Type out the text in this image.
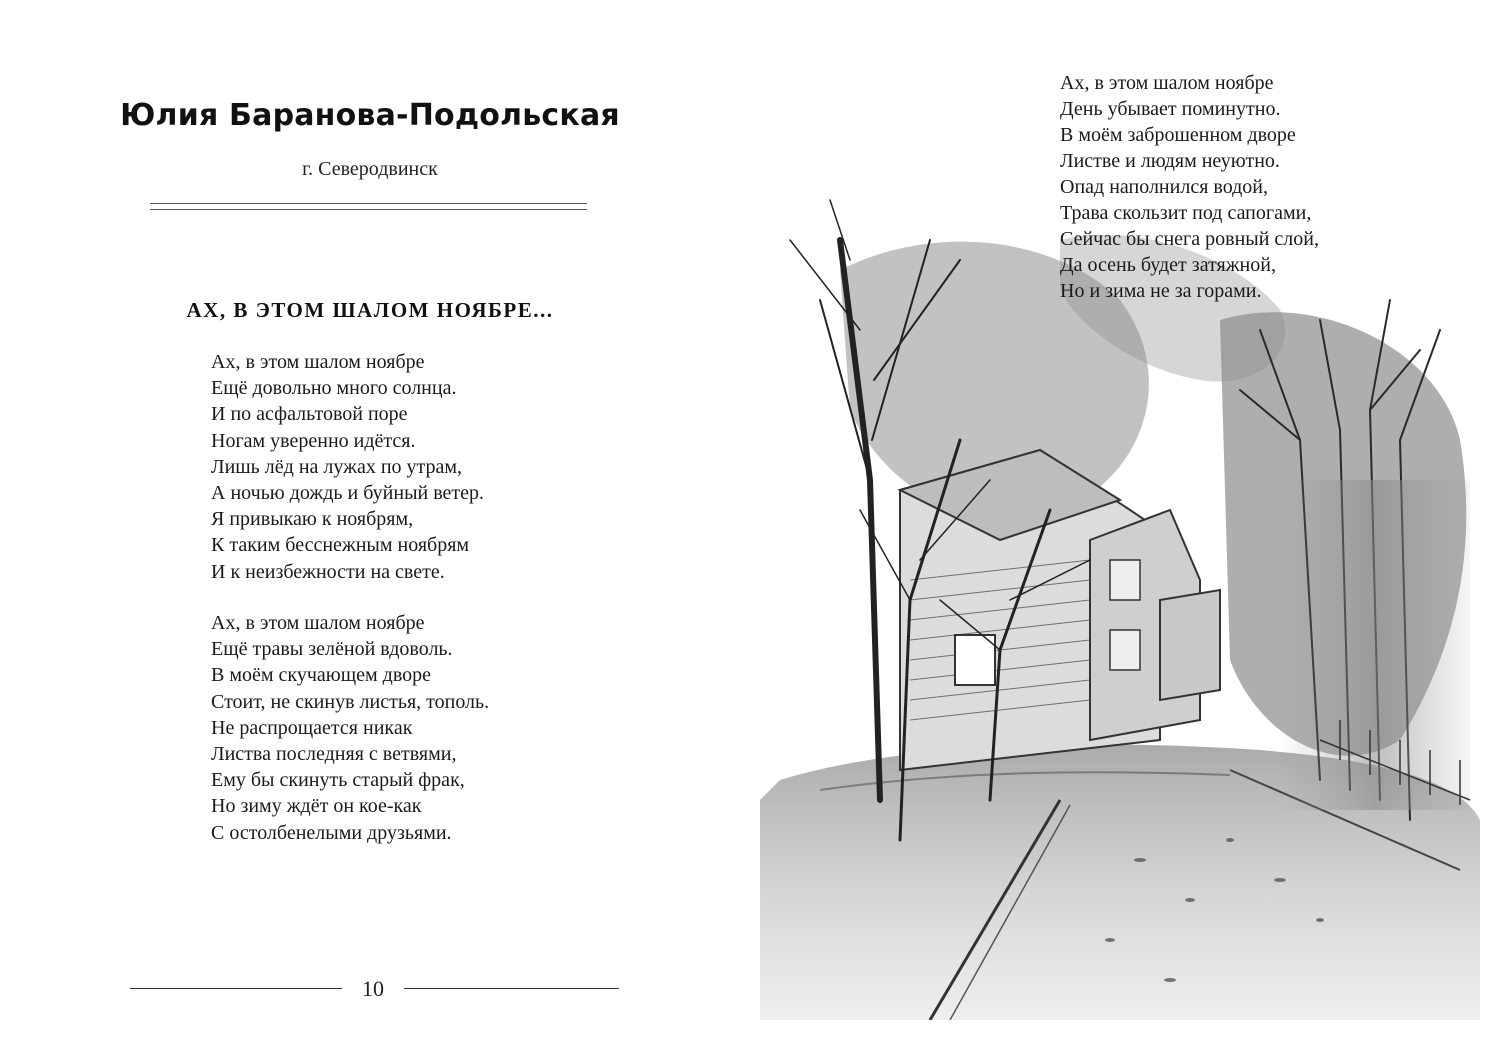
Юлия Баранова-Подольская
г. Северодвинск
АХ, В ЭТОМ ШАЛОМ НОЯБРЕ...
Ах, в этом шалом ноябре
Ещё довольно много солнца.
И по асфальтовой поре
Ногам уверенно идётся.
Лишь лёд на лужах по утрам,
А ночью дождь и буйный ветер.
Я привыкаю к ноябрям,
К таким бесснежным ноябрям
И к неизбежности на свете.
Ах, в этом шалом ноябре
Ещё травы зелёной вдоволь.
В моём скучающем дворе
Стоит, не скинув листья, тополь.
Не распрощается никак
Листва последняя с ветвями,
Ему бы скинуть старый фрак,
Но зиму ждёт он кое-как
С остолбенелыми друзьями.
10
Ах, в этом шалом ноябре
День убывает поминутно.
В моём заброшенном дворе
Листве и людям неуютно.
Опад наполнился водой,
Трава скользит под сапогами,
Сейчас бы снега ровный слой,
Да осень будет затяжной,
Но и зима не за горами.
